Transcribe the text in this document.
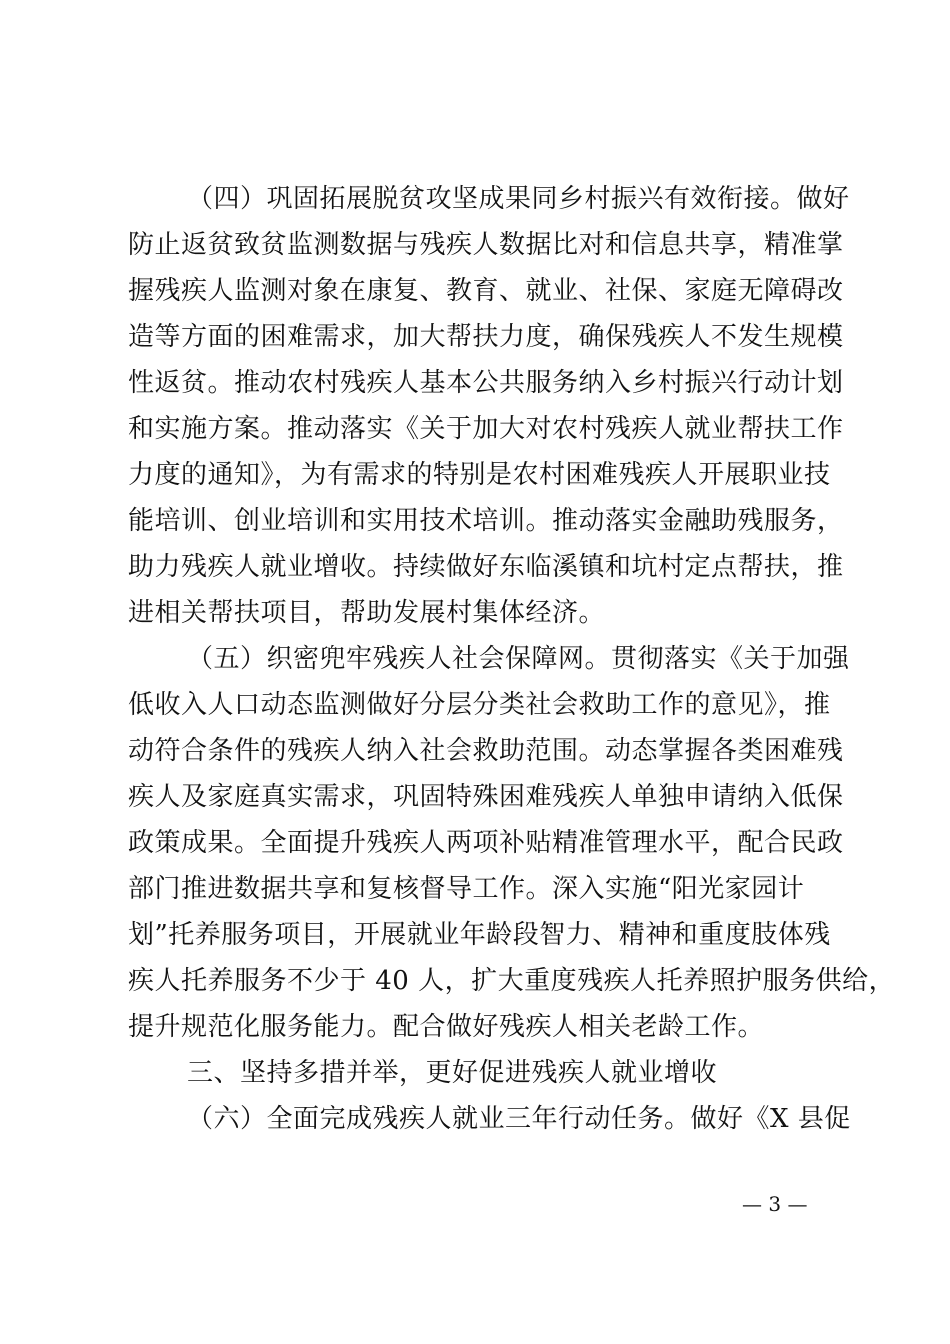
（四）巩固拓展脱贫攻坚成果同乡村振兴有效衔接。做好
防止返贫致贫监测数据与残疾人数据比对和信息共享，精准掌
握残疾人监测对象在康复、教育、就业、社保、家庭无障碍改
造等方面的困难需求，加大帮扶力度，确保残疾人不发生规模
性返贫。推动农村残疾人基本公共服务纳入乡村振兴行动计划
和实施方案。推动落实《关于加大对农村残疾人就业帮扶工作
力度的通知》，为有需求的特别是农村困难残疾人开展职业技
能培训、创业培训和实用技术培训。推动落实金融助残服务，
助力残疾人就业增收。持续做好东临溪镇和坑村定点帮扶，推
进相关帮扶项目，帮助发展村集体经济。
（五）织密兜牢残疾人社会保障网。贯彻落实《关于加强
低收入人口动态监测做好分层分类社会救助工作的意见》，推
动符合条件的残疾人纳入社会救助范围。动态掌握各类困难残
疾人及家庭真实需求，巩固特殊困难残疾人单独申请纳入低保
政策成果。全面提升残疾人两项补贴精准管理水平，配合民政
部门推进数据共享和复核督导工作。深入实施“阳光家园计
划”托养服务项目，开展就业年龄段智力、精神和重度肢体残
疾人托养服务不少于 40 人，扩大重度残疾人托养照护服务供给，
提升规范化服务能力。配合做好残疾人相关老龄工作。
三、坚持多措并举，更好促进残疾人就业增收
（六）全面完成残疾人就业三年行动任务。做好《X 县促
— 3 —
